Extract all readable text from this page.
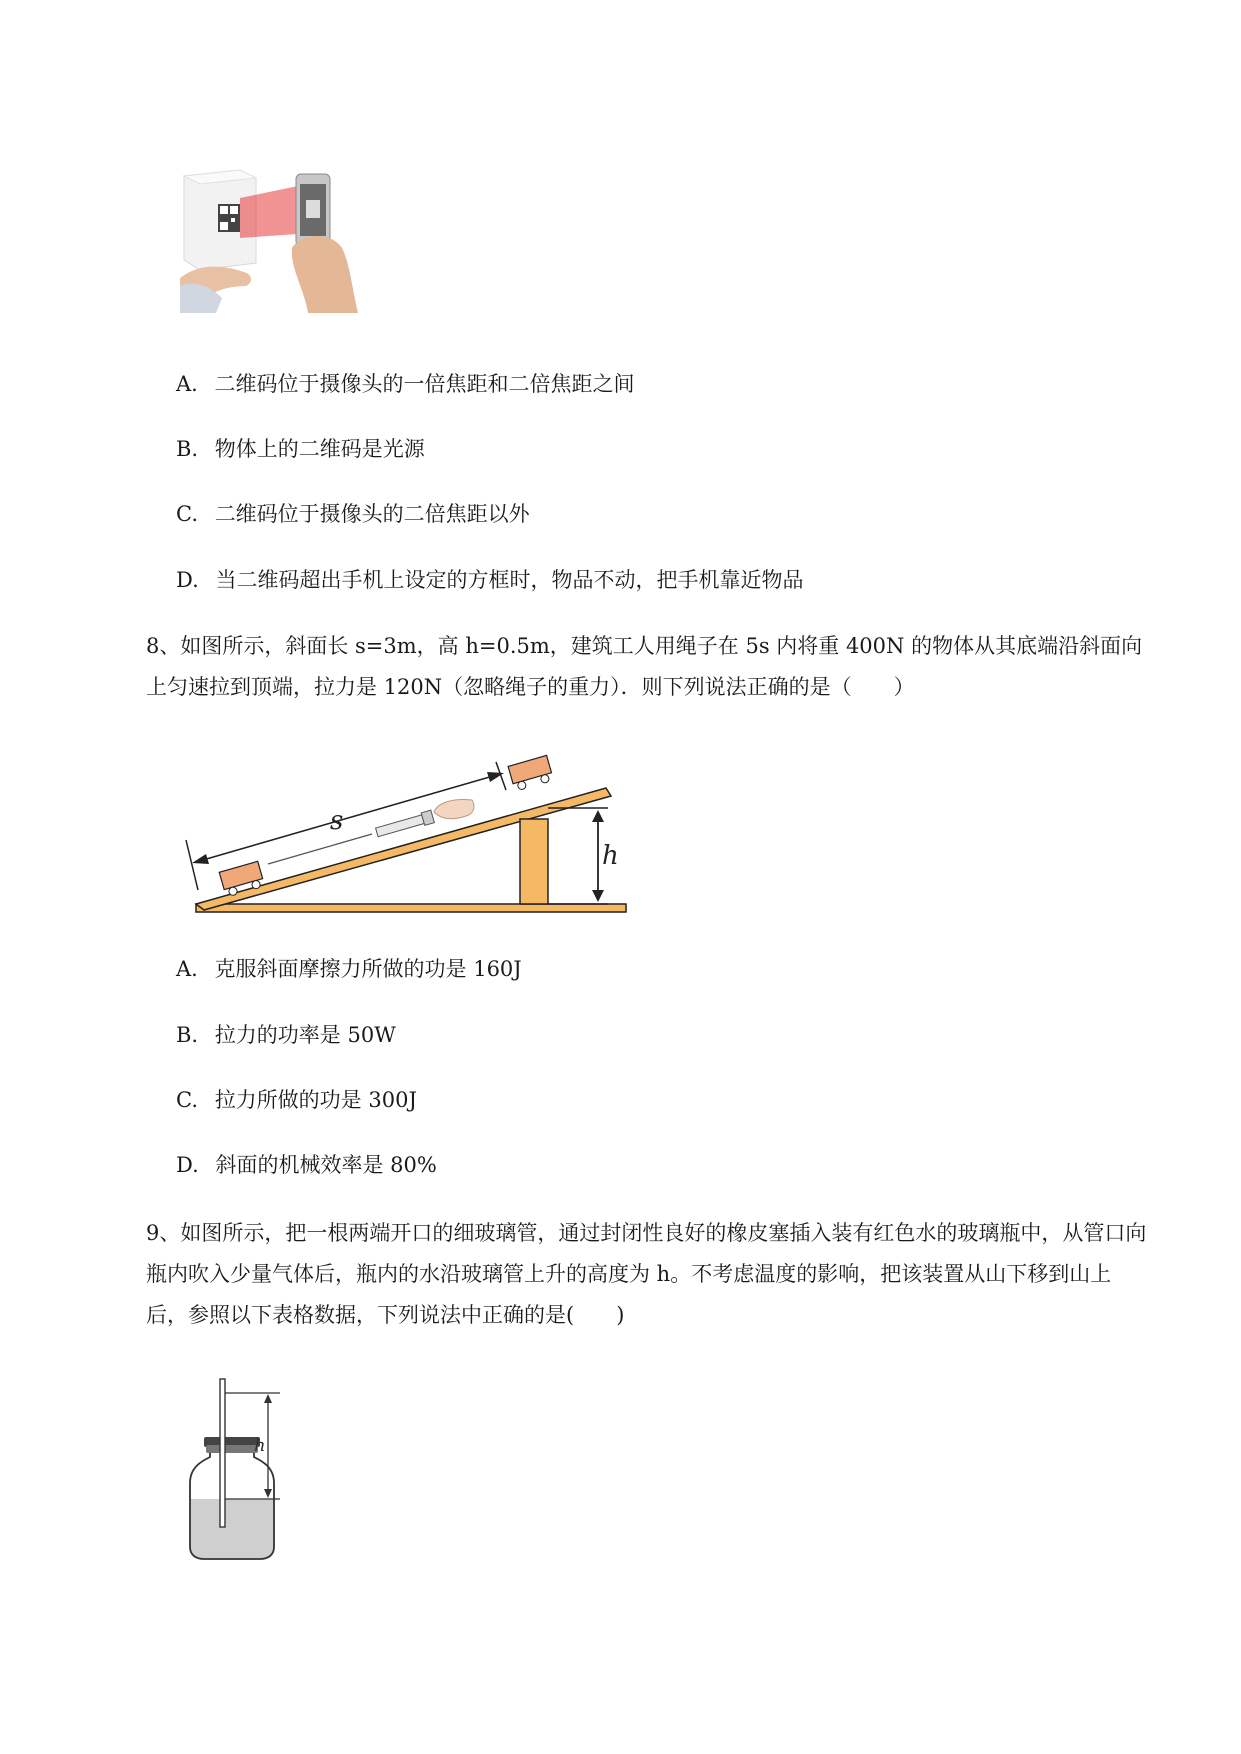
A. 二维码位于摄像头的一倍焦距和二倍焦距之间
B. 物体上的二维码是光源
C. 二维码位于摄像头的二倍焦距以外
D. 当二维码超出手机上设定的方框时，物品不动，把手机靠近物品
8、如图所示，斜面长 s=3m，高 h=0.5m，建筑工人用绳子在 5s 内将重 400N 的物体从其底端沿斜面向上匀速拉到顶端，拉力是 120N（忽略绳子的重力）．则下列说法正确的是（　　）
h
s
A. 克服斜面摩擦力所做的功是 160J
B. 拉力的功率是 50W
C. 拉力所做的功是 300J
D. 斜面的机械效率是 80%
9、如图所示，把一根两端开口的细玻璃管，通过封闭性良好的橡皮塞插入装有红色水的玻璃瓶中，从管口向瓶内吹入少量气体后，瓶内的水沿玻璃管上升的高度为 h。不考虑温度的影响，把该装置从山下移到山上后，参照以下表格数据，下列说法中正确的是(　　)
h
